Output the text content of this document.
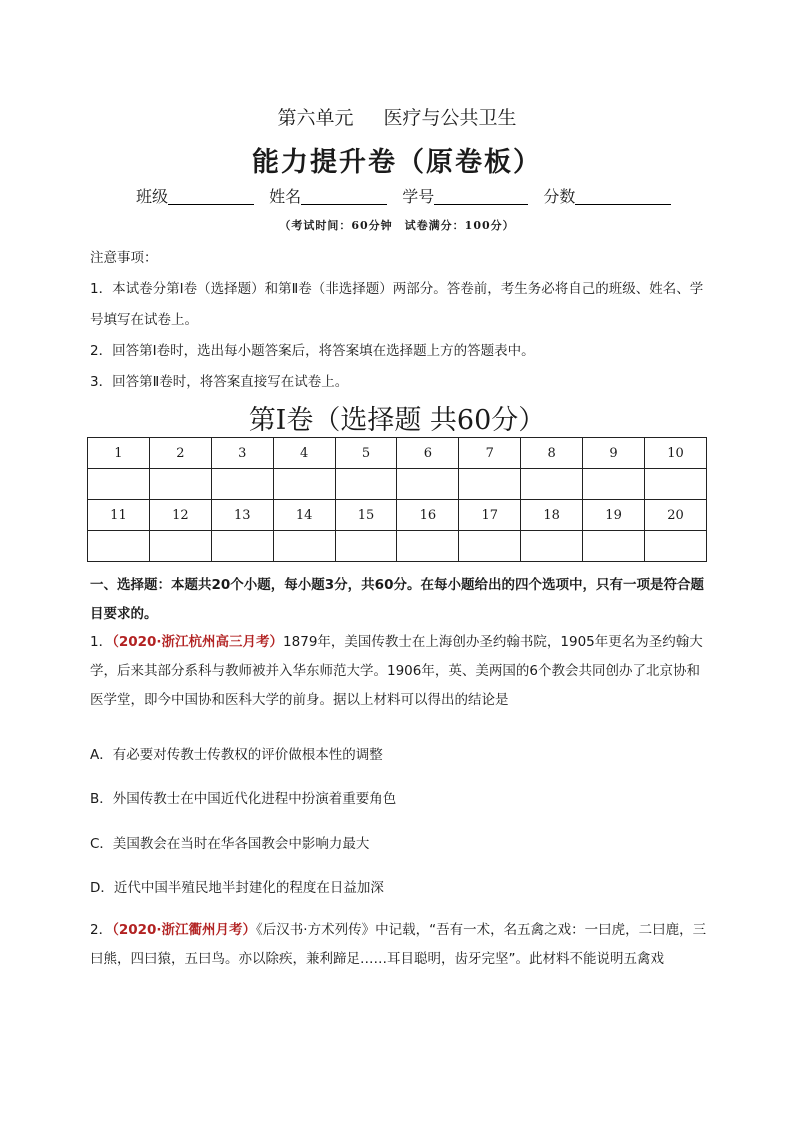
第六单元 医疗与公共卫生
能力提升卷（原卷板）
班级	姓名	学号	分数
（考试时间：60分钟　试卷满分：100分）
注意事项：
1．本试卷分第Ⅰ卷（选择题）和第Ⅱ卷（非选择题）两部分。答卷前，考生务必将自己的班级、姓名、学号填写在试卷上。
2．回答第Ⅰ卷时，选出每小题答案后，将答案填在选择题上方的答题表中。
3．回答第Ⅱ卷时，将答案直接写在试卷上。
第Ⅰ卷（选择题 共60分）
1	2	3	4	5	6	7	8	9	10

11	12	13	14	15	16	17	18	19	20

一、选择题：本题共20个小题，每小题3分，共60分。在每小题给出的四个选项中，只有一项是符合题目要求的。
1．（2020·浙江杭州高三月考）1879年，美国传教士在上海创办圣约翰书院，1905年更名为圣约翰大学，后来其部分系科与教师被并入华东师范大学。1906年，英、美两国的6个教会共同创办了北京协和医学堂，即今中国协和医科大学的前身。据以上材料可以得出的结论是
A．有必要对传教士传教权的评价做根本性的调整
B．外国传教士在中国近代化进程中扮演着重要角色
C．美国教会在当时在华各国教会中影响力最大
D．近代中国半殖民地半封建化的程度在日益加深
2．（2020·浙江衢州月考）《后汉书·方术列传》中记载，“吾有一术，名五禽之戏：一曰虎，二曰鹿，三曰熊，四曰猿，五曰鸟。亦以除疾，兼利蹄足……耳目聪明，齿牙完坚”。此材料不能说明五禽戏
